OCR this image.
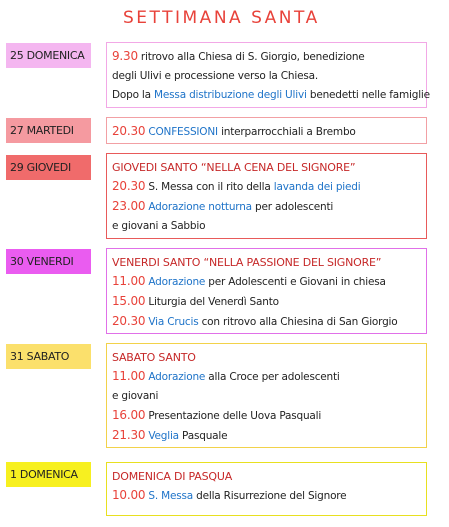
SETTIMANA SANTA
25 DOMENICA	9.30 ritrovo alla Chiesa di S. Giorgio, benedizione
degli Ulivi e processione verso la Chiesa.
Dopo la Messa distribuzione degli Ulivi benedetti nelle famiglie
27 MARTEDI	20.30 CONFESSIONI interparrocchiali a Brembo
29 GIOVEDI	GIOVEDI SANTO “NELLA CENA DEL SIGNORE”
20.30 S. Messa con il rito della lavanda dei piedi
23.00 Adorazione notturna per adolescenti
e giovani a Sabbio
30 VENERDI	VENERDI SANTO “NELLA PASSIONE DEL SIGNORE”
11.00 Adorazione per Adolescenti e Giovani in chiesa
15.00 Liturgia del Venerdì Santo
20.30 Via Crucis con ritrovo alla Chiesina di San Giorgio
31 SABATO	SABATO SANTO
11.00 Adorazione alla Croce per adolescenti
e giovani
16.00 Presentazione delle Uova Pasquali
21.30 Veglia Pasquale
1 DOMENICA	DOMENICA DI PASQUA
10.00 S. Messa della Risurrezione del Signore
